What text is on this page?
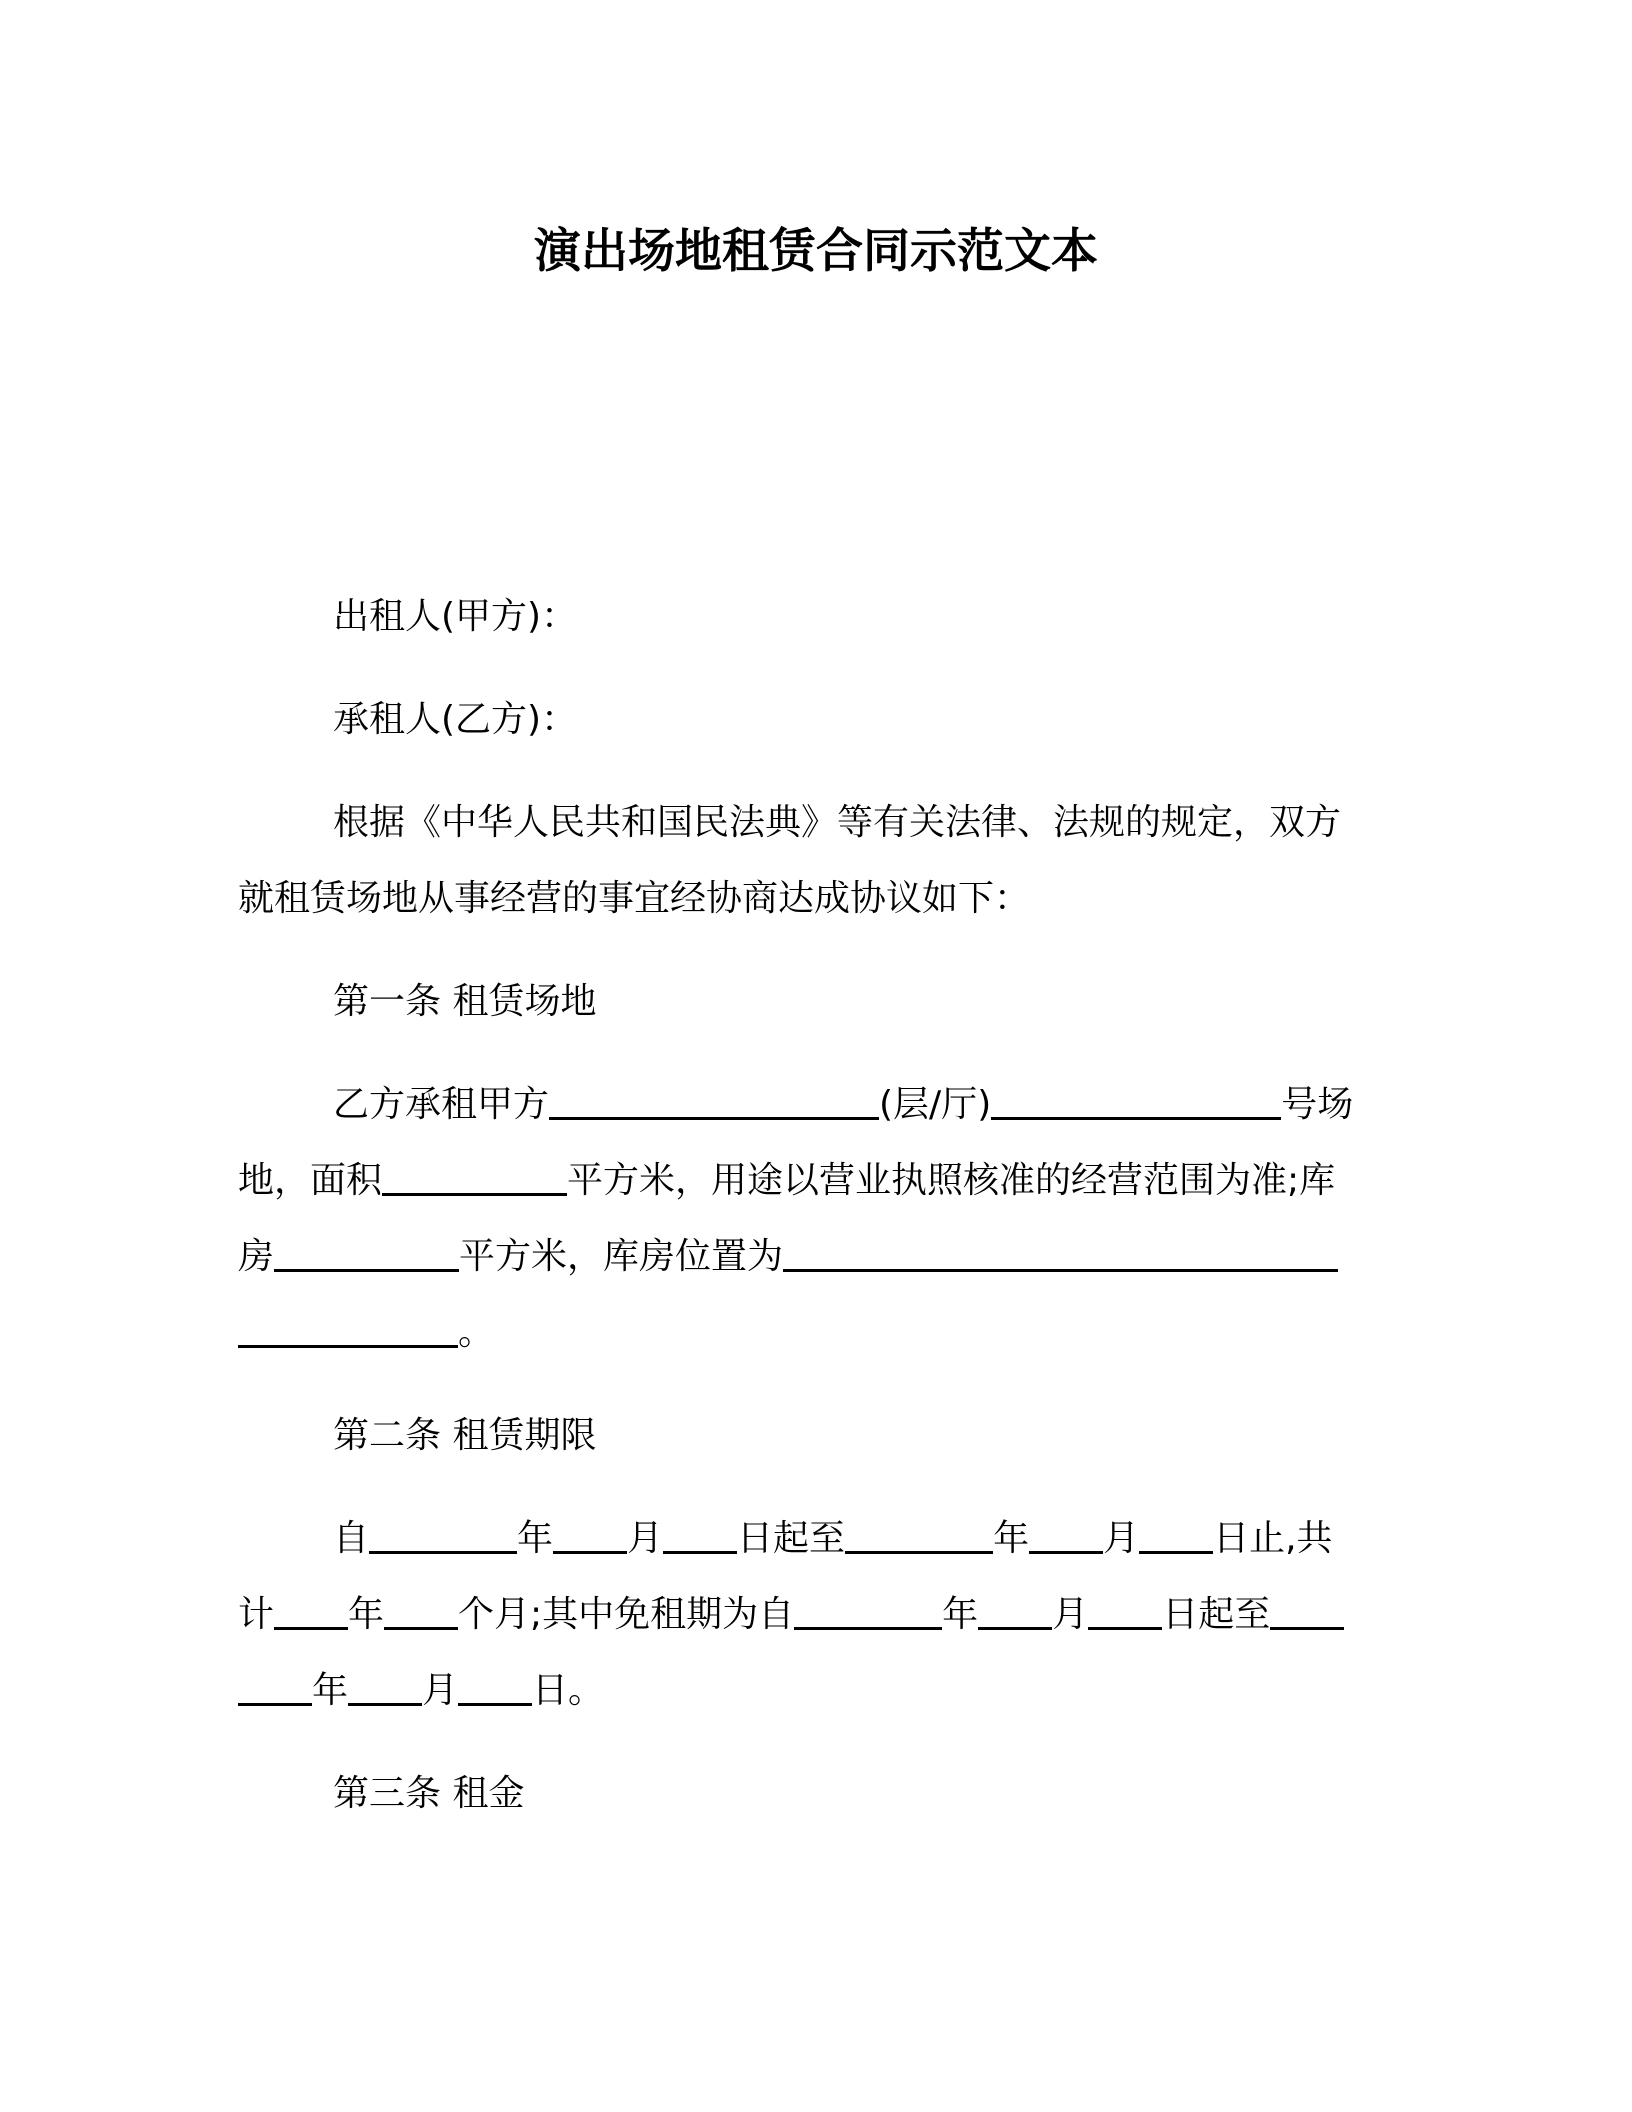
演出场地租赁合同示范文本
出租人(甲方)：
承租人(乙方)：
根据《中华人民共和国民法典》等有关法律、法规的规定，双方
就租赁场地从事经营的事宜经协商达成协议如下：
第一条 租赁场地
乙方承租甲方	(层/厅)	号场
地，面积	平方米，用途以营业执照核准的经营范围为准;库
房	平方米，库房位置为
。
第二条 租赁期限
自	年 月 日起至	年 月 日止,共
计 年 个月;其中免租期为自	年 月 日起至
年 月 日。
第三条 租金
